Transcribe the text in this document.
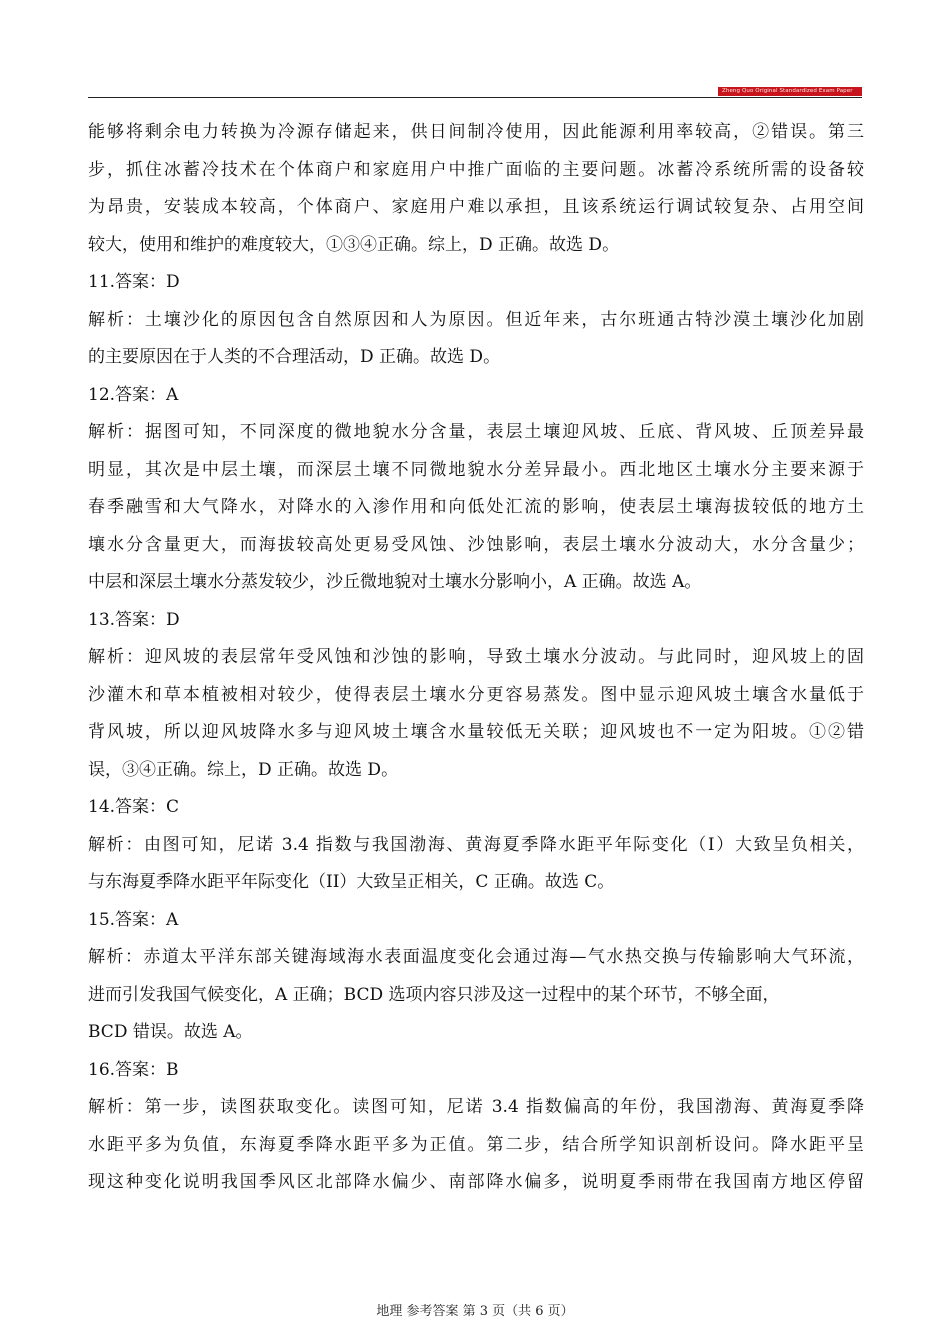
Zheng Quo Original Standardized Exam Paper
能够将剩余电力转换为冷源存储起来，供日间制冷使用，因此能源利用率较高，②错误。第三
步，抓住冰蓄冷技术在个体商户和家庭用户中推广面临的主要问题。冰蓄冷系统所需的设备较
为昂贵，安装成本较高，个体商户、家庭用户难以承担，且该系统运行调试较复杂、占用空间
较大，使用和维护的难度较大，①③④正确。综上，D 正确。故选 D。
11.答案：D
解析：土壤沙化的原因包含自然原因和人为原因。但近年来，古尔班通古特沙漠土壤沙化加剧
的主要原因在于人类的不合理活动，D 正确。故选 D。
12.答案：A
解析：据图可知，不同深度的微地貌水分含量，表层土壤迎风坡、丘底、背风坡、丘顶差异最
明显，其次是中层土壤，而深层土壤不同微地貌水分差异最小。西北地区土壤水分主要来源于
春季融雪和大气降水，对降水的入渗作用和向低处汇流的影响，使表层土壤海拔较低的地方土
壤水分含量更大，而海拔较高处更易受风蚀、沙蚀影响，表层土壤水分波动大，水分含量少；
中层和深层土壤水分蒸发较少，沙丘微地貌对土壤水分影响小，A 正确。故选 A。
13.答案：D
解析：迎风坡的表层常年受风蚀和沙蚀的影响，导致土壤水分波动。与此同时，迎风坡上的固
沙灌木和草本植被相对较少，使得表层土壤水分更容易蒸发。图中显示迎风坡土壤含水量低于
背风坡，所以迎风坡降水多与迎风坡土壤含水量较低无关联；迎风坡也不一定为阳坡。①②错
误，③④正确。综上，D 正确。故选 D。
14.答案：C
解析：由图可知，尼诺 3.4 指数与我国渤海、黄海夏季降水距平年际变化（I）大致呈负相关，
与东海夏季降水距平年际变化（II）大致呈正相关，C 正确。故选 C。
15.答案：A
解析：赤道太平洋东部关键海域海水表面温度变化会通过海—气水热交换与传输影响大气环流，
进而引发我国气候变化，A 正确；BCD 选项内容只涉及这一过程中的某个环节，不够全面，
BCD 错误。故选 A。
16.答案：B
解析：第一步，读图获取变化。读图可知，尼诺 3.4 指数偏高的年份，我国渤海、黄海夏季降
水距平多为负值，东海夏季降水距平多为正值。第二步，结合所学知识剖析设问。降水距平呈
现这种变化说明我国季风区北部降水偏少、南部降水偏多，说明夏季雨带在我国南方地区停留
地理 参考答案 第 3 页（共 6 页）
